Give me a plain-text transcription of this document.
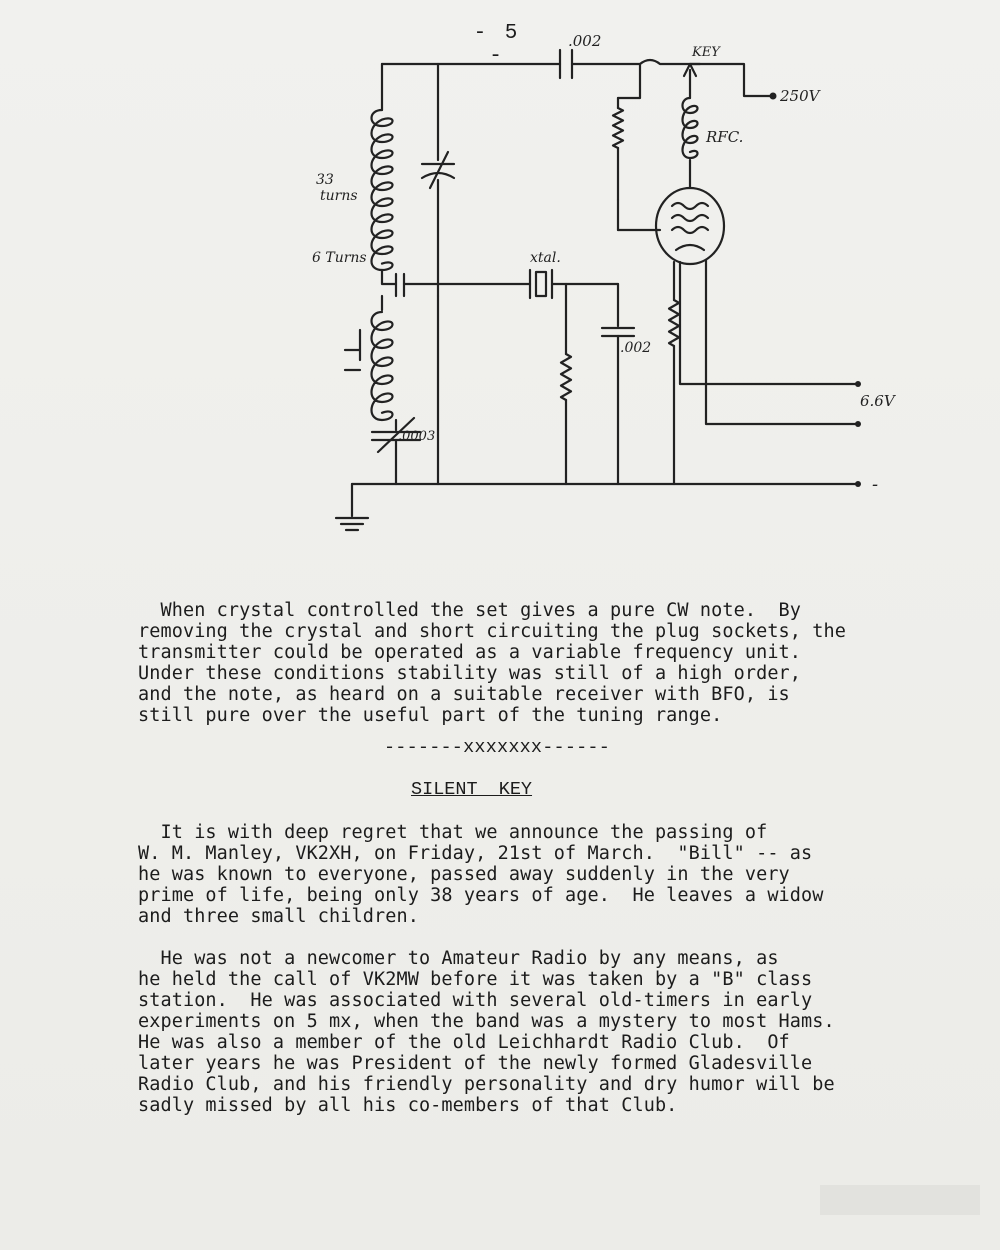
- 5 -
.002
33 turns
6 Turns	xtal.
.002
RFC.
KEY
250V
6.6V
.0003
-
When crystal controlled the set gives a pure CW note.  By
removing the crystal and short circuiting the plug sockets, the
transmitter could be operated as a variable frequency unit.
Under these conditions stability was still of a high order,
and the note, as heard on a suitable receiver with BFO, is
still pure over the useful part of the tuning range.
-------xxxxxxx------
SILENT KEY
It is with deep regret that we announce the passing of
W. M. Manley, VK2XH, on Friday, 21st of March.  "Bill" -- as
he was known to everyone, passed away suddenly in the very
prime of life, being only 38 years of age.  He leaves a widow
and three small children.
He was not a newcomer to Amateur Radio by any means, as
he held the call of VK2MW before it was taken by a "B" class
station.  He was associated with several old-timers in early
experiments on 5 mx, when the band was a mystery to most Hams.
He was also a member of the old Leichhardt Radio Club.  Of
later years he was President of the newly formed Gladesville
Radio Club, and his friendly personality and dry humor will be
sadly missed by all his co-members of that Club.
